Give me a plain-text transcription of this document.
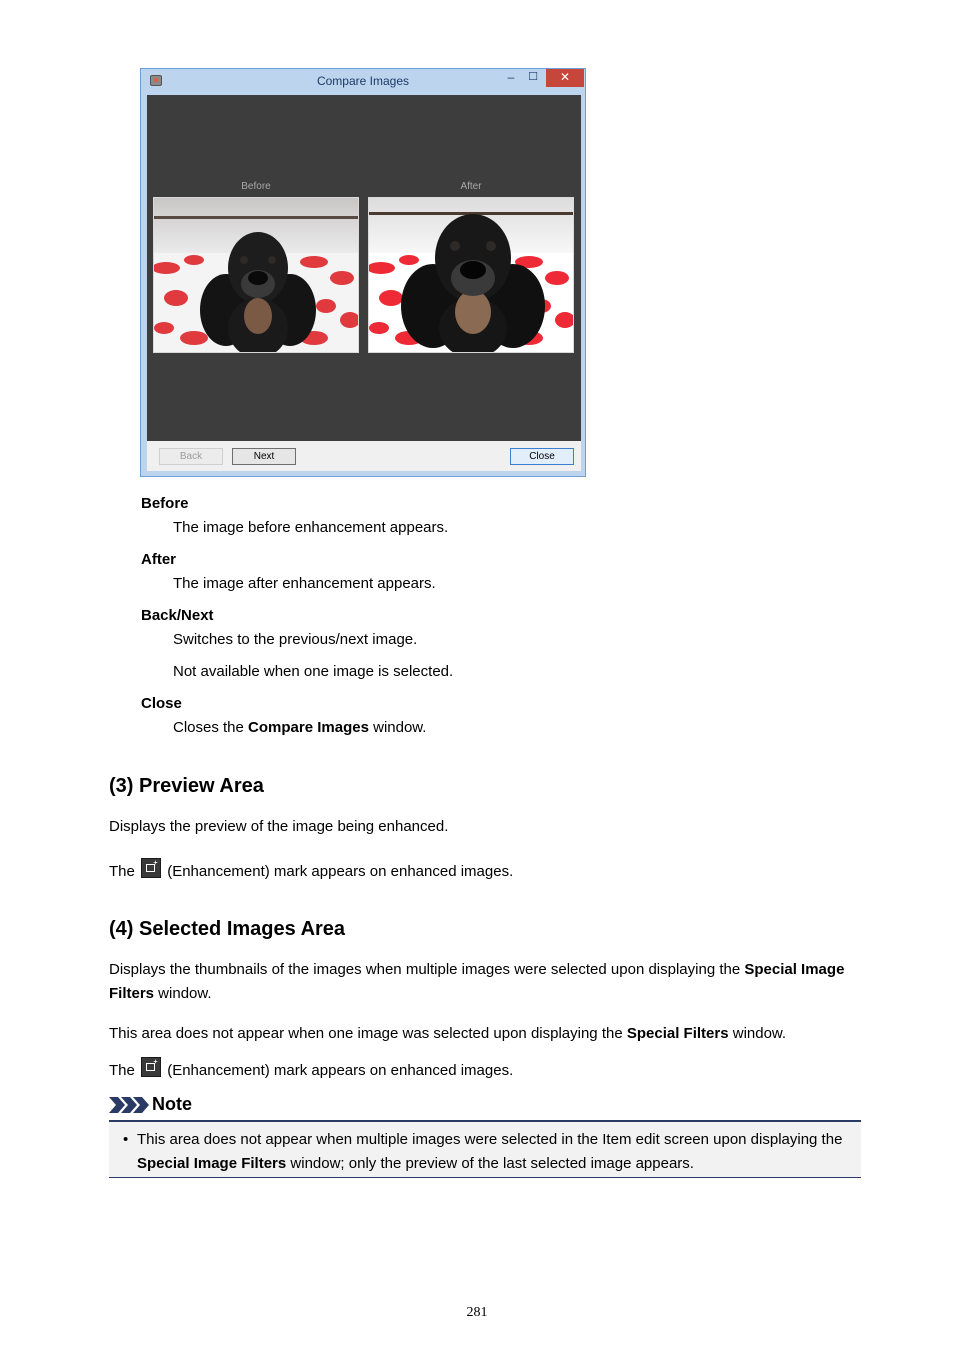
Compare Images	–	☐	✕
Before	After
Back	Next	Close
Before
The image before enhancement appears.
After
The image after enhancement appears.
Back/Next
Switches to the previous/next image.
Not available when one image is selected.
Close
Closes the Compare Images window.
(3) Preview Area
Displays the preview of the image being enhanced.
The (Enhancement) mark appears on enhanced images.
(4) Selected Images Area
Displays the thumbnails of the images when multiple images were selected upon displaying the Special Image Filters window.
This area does not appear when one image was selected upon displaying the Special Filters window.
The (Enhancement) mark appears on enhanced images.
Note
• This area does not appear when multiple images were selected in the Item edit screen upon displaying the Special Image Filters window; only the preview of the last selected image appears.
281
